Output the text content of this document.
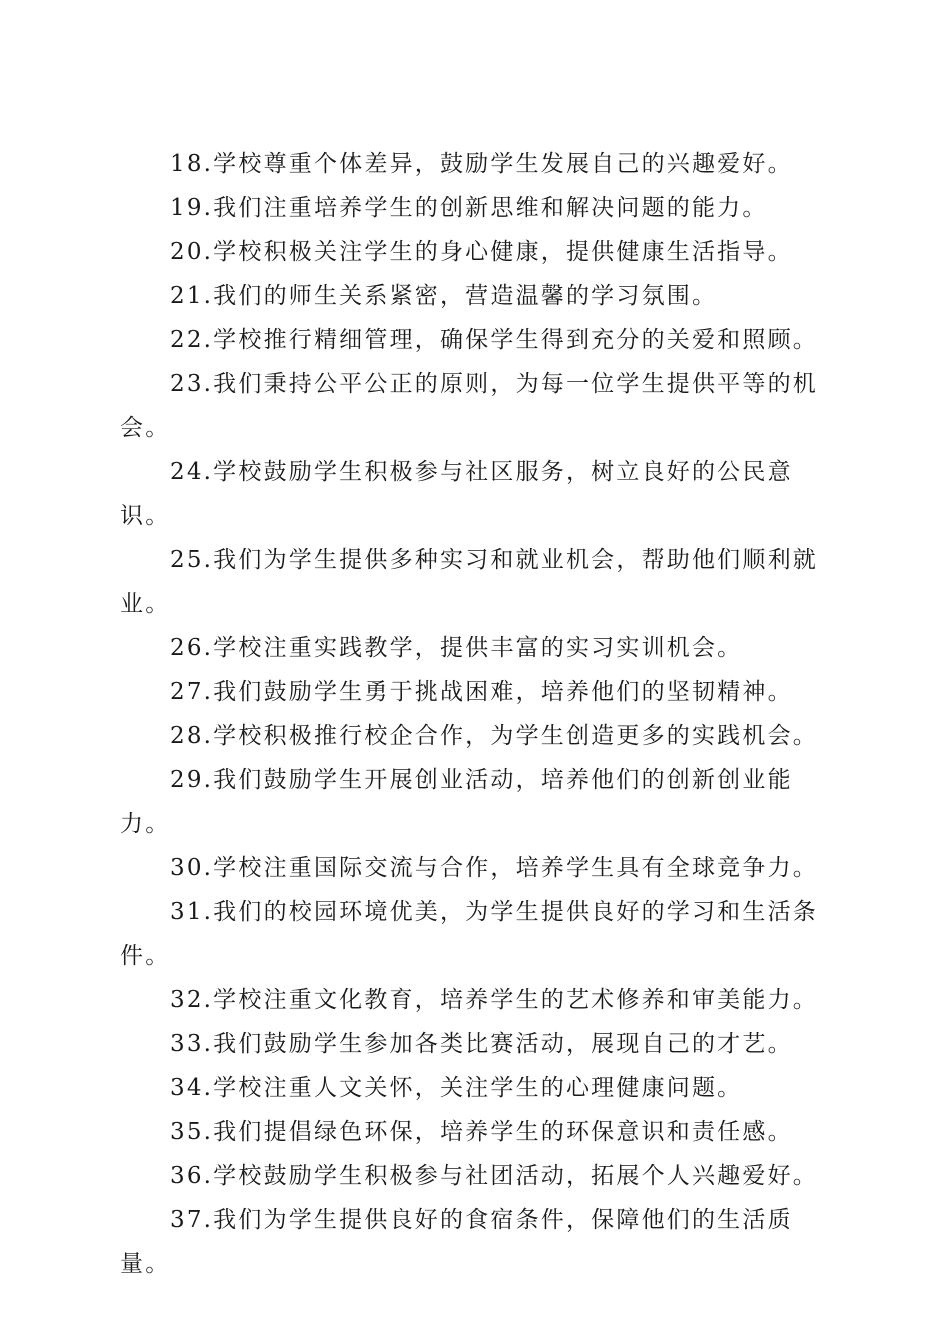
18.学校尊重个体差异，鼓励学生发展自己的兴趣爱好。

19.我们注重培养学生的创新思维和解决问题的能力。

20.学校积极关注学生的身心健康，提供健康生活指导。

21.我们的师生关系紧密，营造温馨的学习氛围。

22.学校推行精细管理，确保学生得到充分的关爱和照顾。

23.我们秉持公平公正的原则，为每一位学生提供平等的机会。

24.学校鼓励学生积极参与社区服务，树立良好的公民意识。

25.我们为学生提供多种实习和就业机会，帮助他们顺利就业。

26.学校注重实践教学，提供丰富的实习实训机会。

27.我们鼓励学生勇于挑战困难，培养他们的坚韧精神。

28.学校积极推行校企合作，为学生创造更多的实践机会。

29.我们鼓励学生开展创业活动，培养他们的创新创业能力。

30.学校注重国际交流与合作，培养学生具有全球竞争力。

31.我们的校园环境优美，为学生提供良好的学习和生活条件。

32.学校注重文化教育，培养学生的艺术修养和审美能力。

33.我们鼓励学生参加各类比赛活动，展现自己的才艺。

34.学校注重人文关怀，关注学生的心理健康问题。

35.我们提倡绿色环保，培养学生的环保意识和责任感。

36.学校鼓励学生积极参与社团活动，拓展个人兴趣爱好。

37.我们为学生提供良好的食宿条件，保障他们的生活质量。
